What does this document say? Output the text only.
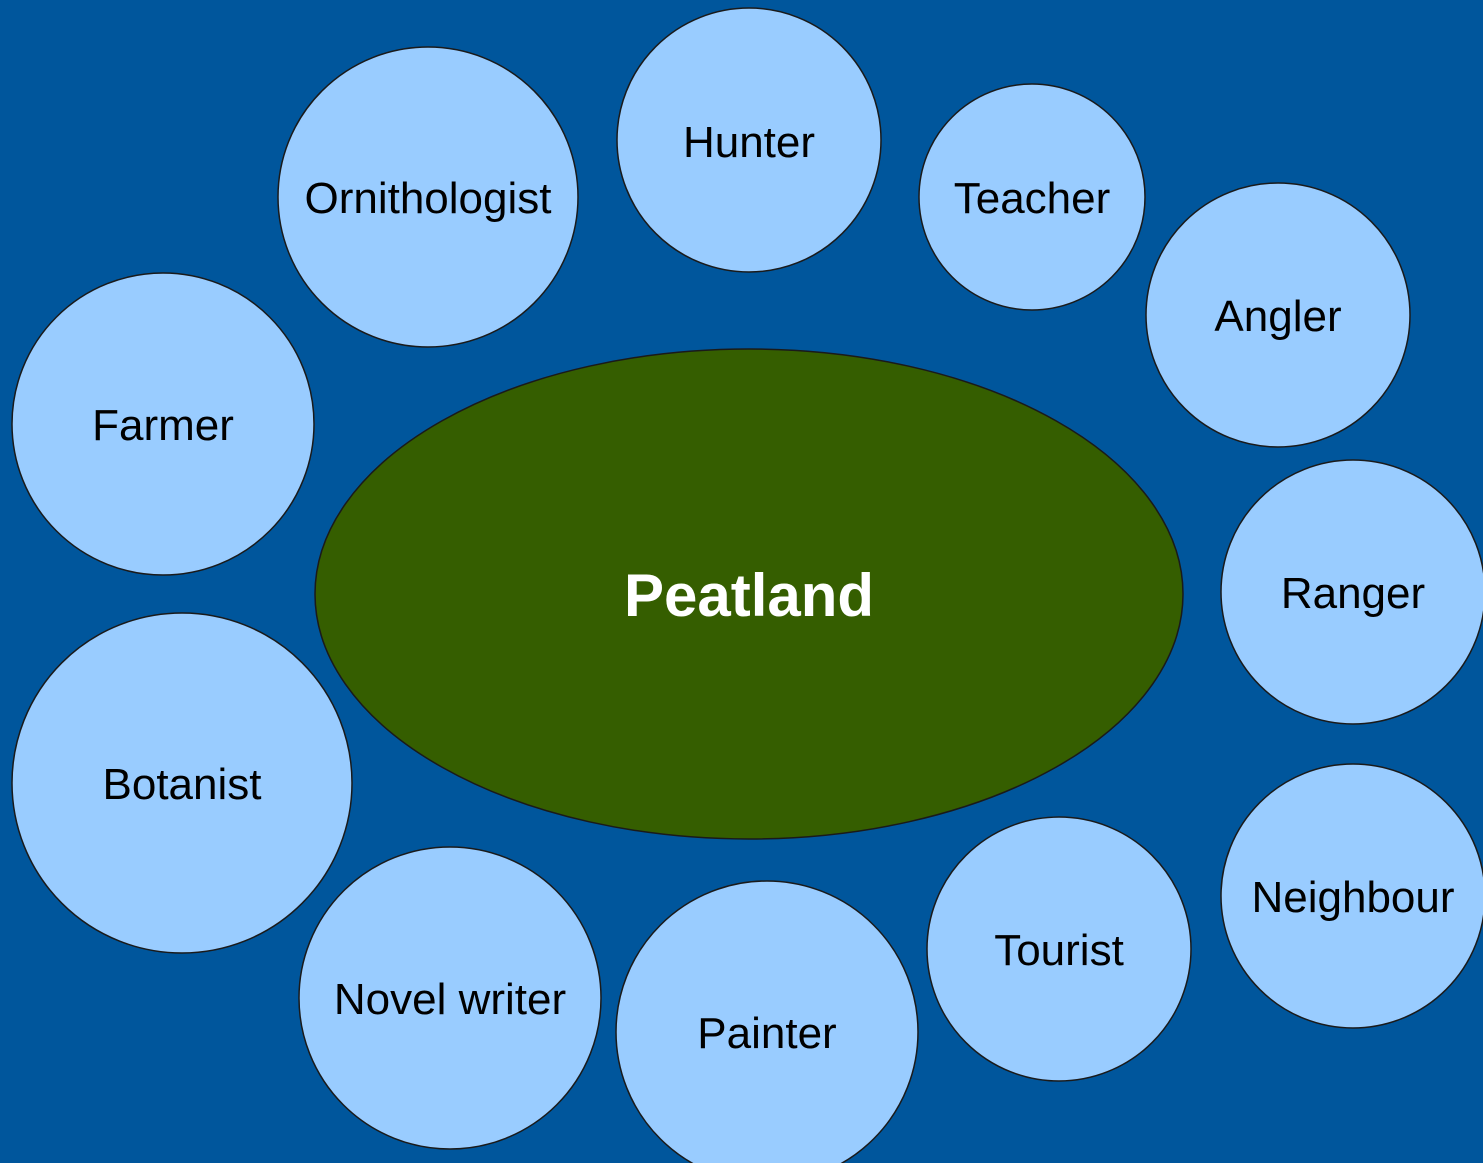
Ornithologist
Hunter
Teacher
Angler
Farmer
Ranger
Botanist
Neighbour
Tourist
Novel writer
Painter
Peatland
